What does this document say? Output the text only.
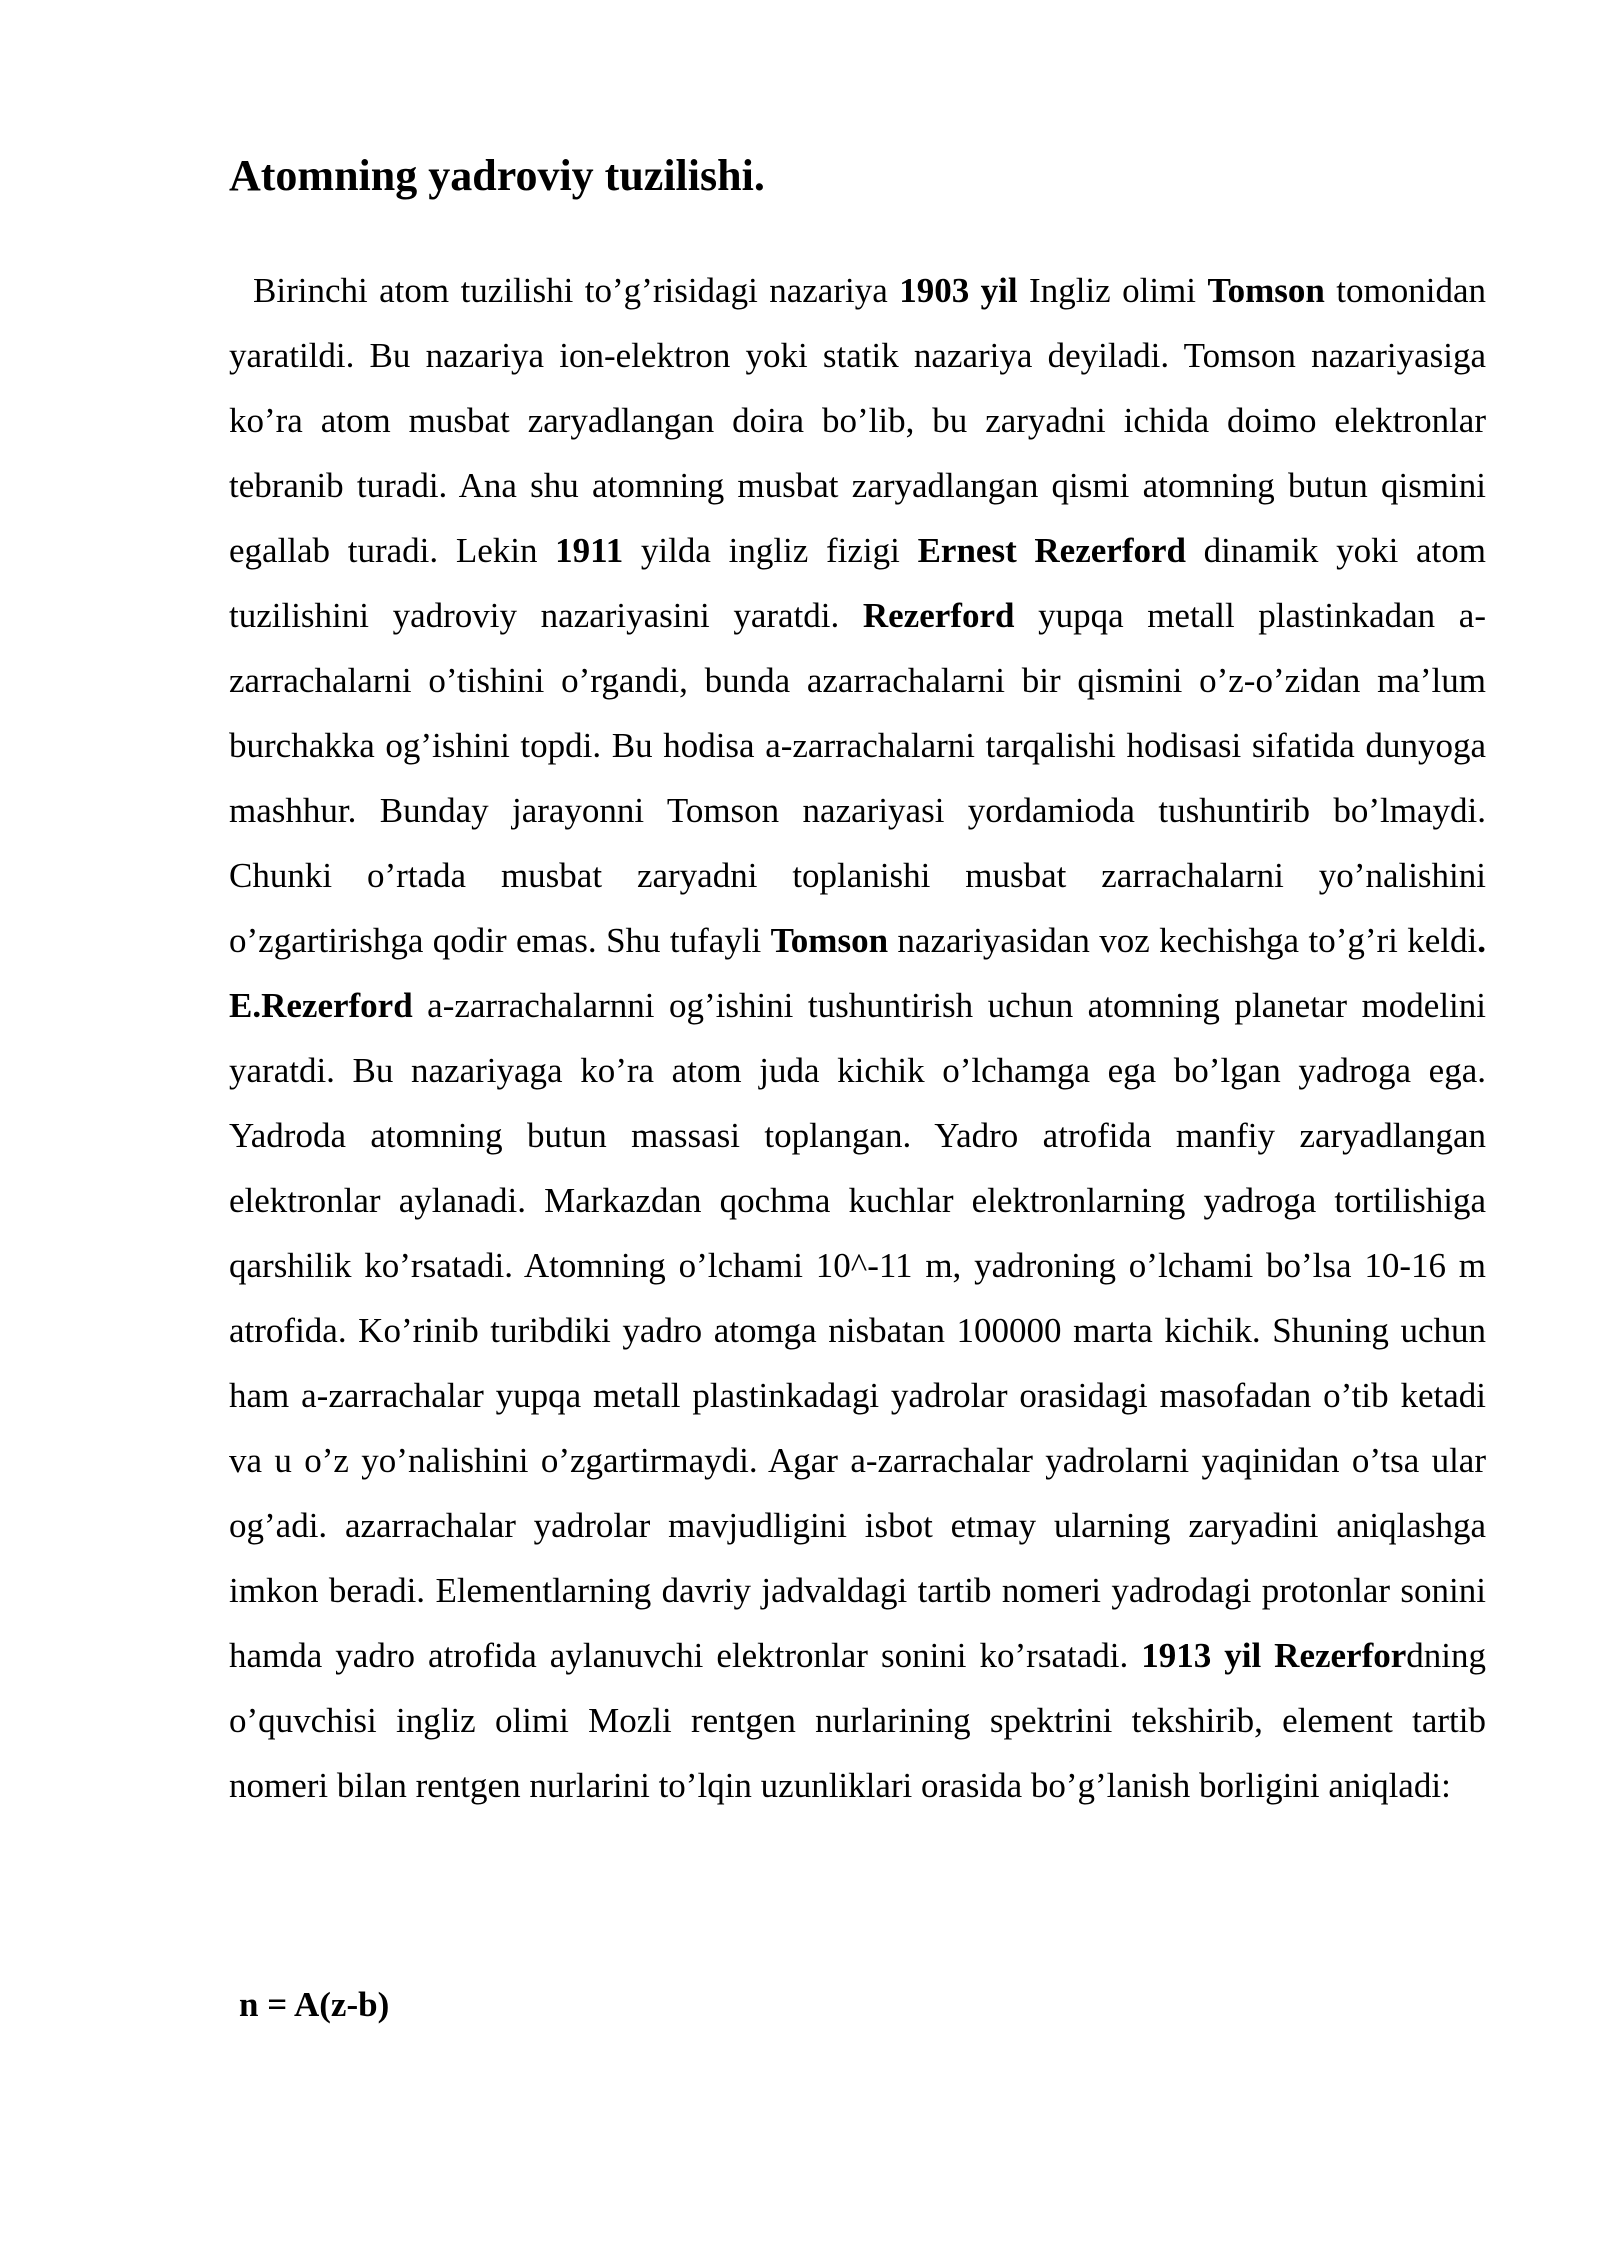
Atomning yadroviy tuzilishi.

Birinchi atom tuzilishi to’g’risidagi nazariya 1903 yil Ingliz olimi Tomson tomonidan yaratildi. Bu nazariya ion-elektron yoki statik nazariya deyiladi. Tomson nazariyasiga ko’ra atom musbat zaryadlangan doira bo’lib, bu zaryadni ichida doimo elektronlar tebranib turadi. Ana shu atomning musbat zaryadlangan qismi atomning butun qismini egallab turadi. Lekin 1911 yilda ingliz fizigi Ernest Rezerford dinamik yoki atom tuzilishini yadroviy nazariyasini yaratdi. Rezerford yupqa metall plastinkadan a- zarrachalarni o’tishini o’rgandi, bunda azarrachalarni bir qismini o’z-o’zidan ma’lum burchakka og’ishini topdi. Bu hodisa a-zarrachalarni tarqalishi hodisasi sifatida dunyoga mashhur. Bunday jarayonni Tomson nazariyasi yordamioda tushuntirib bo’lmaydi. Chunki o’rtada musbat zaryadni toplanishi musbat zarrachalarni yo’nalishini o’zgartirishga qodir emas. Shu tufayli Tomson nazariyasidan voz kechishga to’g’ri keldi. E.Rezerford a-zarrachalarnni og’ishini tushuntirish uchun atomning planetar modelini yaratdi. Bu nazariyaga ko’ra atom juda kichik o’lchamga ega bo’lgan yadroga ega. Yadroda atomning butun massasi toplangan. Yadro atrofida manfiy zaryadlangan elektronlar aylanadi. Markazdan qochma kuchlar elektronlarning yadroga tortilishiga qarshilik ko’rsatadi. Atomning o’lchami 10^-11 m, yadroning o’lchami bo’lsa 10-16 m atrofida. Ko’rinib turibdiki yadro atomga nisbatan 100000 marta kichik. Shuning uchun ham a-zarrachalar yupqa metall plastinkadagi yadrolar orasidagi masofadan o’tib ketadi va u o’z yo’nalishini o’zgartirmaydi. Agar a-zarrachalar yadrolarni yaqinidan o’tsa ular og’adi. azarrachalar yadrolar mavjudligini isbot etmay ularning zaryadini aniqlashga imkon beradi. Elementlarning davriy jadvaldagi tartib nomeri yadrodagi protonlar sonini hamda yadro atrofida aylanuvchi elektronlar sonini ko’rsatadi. 1913 yil Rezerfordning o’quvchisi ingliz olimi Mozli rentgen nurlarining spektrini tekshirib, element tartib nomeri bilan rentgen nurlarini to’lqin uzunliklari orasida bo’g’lanish borligini aniqladi:

n = A(z-b)
